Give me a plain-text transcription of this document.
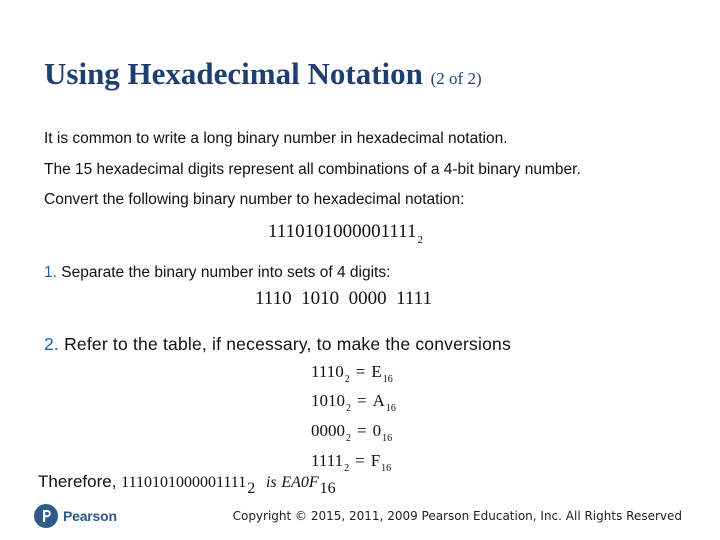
Using Hexadecimal Notation (2 of 2)
It is common to write a long binary number in hexadecimal notation.
The 15 hexadecimal digits represent all combinations of a 4-bit binary number.
Convert the following binary number to hexadecimal notation:
$1110101000001111_2$
1. Separate the binary number into sets of 4 digits:
1110  1010  0000  1111
2. Refer to the table, if necessary, to make the conversions
$1110_2 = E_{16}$
$1010_2 = A_{16}$
$0000_2 = 0_{16}$
$1111_2 = F_{16}$
Therefore, 11101010000011112 is EA0F16
Pearson	Copyright © 2015, 2011, 2009 Pearson Education, Inc. All Rights Reserved
